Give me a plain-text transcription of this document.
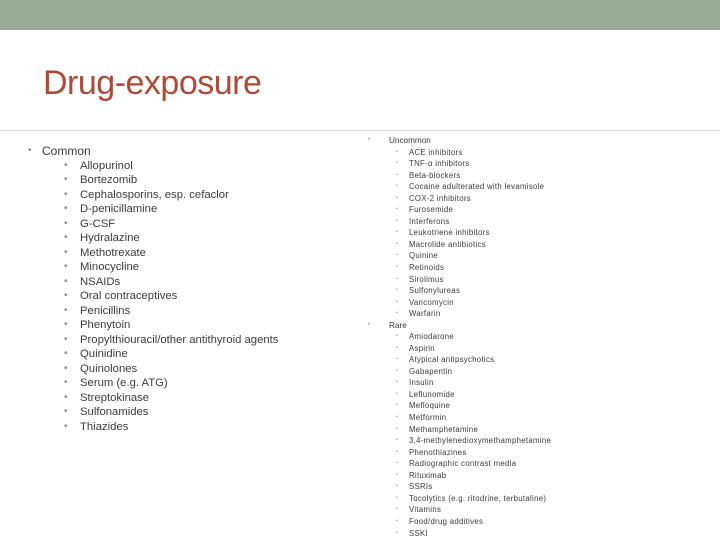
Drug-exposure
• Common
• Allopurinol
• Bortezomib
• Cephalosporins, esp. cefaclor
• D-penicillamine
• G-CSF
• Hydralazine
• Methotrexate
• Minocycline
• NSAIDs
• Oral contraceptives
• Penicillins
• Phenytoin
• Propylthiouracil/other antithyroid agents
• Quinidine
• Quinolones
• Serum (e.g. ATG)
• Streptokinase
• Sulfonamides
• Thiazides
• Uncommon
• ACE inhibitors
• TNF-α inhibitors
• Beta-blockers
• Cocaine adulterated with levamisole
• COX-2 inhibitors
• Furosemide
• Interferons
• Leukotriene inhibitors
• Macrolide antibiotics
• Quinine
• Retinoids
• Sirolimus
• Sulfonylureas
• Vancomycin
• Warfarin
• Rare
• Amiodarone
• Aspirin
• Atypical antipsychotics
• Gabapentin
• Insulin
• Leflunomide
• Mefloquine
• Metformin
• Methamphetamine
• 3,4-methylenedioxymethamphetamine
• Phenothiazines
• Radiographic contrast media
• Rituximab
• SSRIs
• Tocolytics (e.g. ritodrine, terbutaline)
• Vitamins
• Food/drug additives
• SSKI
